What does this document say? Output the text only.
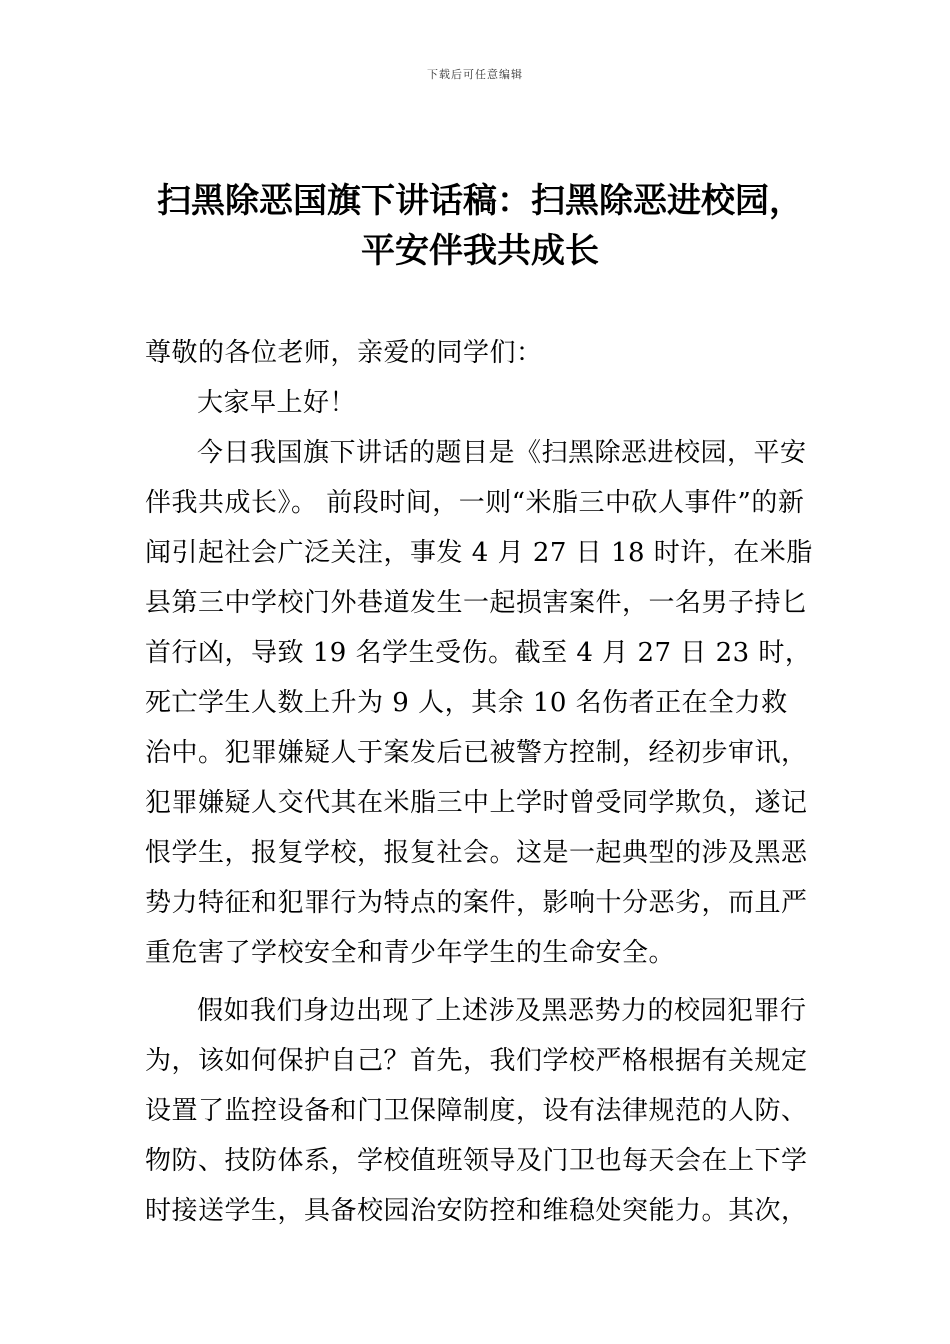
下载后可任意编辑
扫黑除恶国旗下讲话稿：扫黑除恶进校园，
平安伴我共成长

尊敬的各位老师，亲爱的同学们：

大家早上好！

今日我国旗下讲话的题目是《扫黑除恶进校园，平安伴我共成长》。 前段时间，一则“米脂三中砍人事件”的新闻引起社会广泛关注，事发 4 月 27 日 18 时许，在米脂县第三中学校门外巷道发生一起损害案件，一名男子持匕首行凶，导致 19 名学生受伤。截至 4 月 27 日 23 时，死亡学生人数上升为 9 人，其余 10 名伤者正在全力救治中。犯罪嫌疑人于案发后已被警方控制，经初步审讯，犯罪嫌疑人交代其在米脂三中上学时曾受同学欺负，遂记恨学生，报复学校，报复社会。这是一起典型的涉及黑恶势力特征和犯罪行为特点的案件，影响十分恶劣，而且严重危害了学校安全和青少年学生的生命安全。

假如我们身边出现了上述涉及黑恶势力的校园犯罪行为，该如何保护自己？首先，我们学校严格根据有关规定设置了监控设备和门卫保障制度，设有法律规范的人防、物防、技防体系，学校值班领导及门卫也每天会在上下学时接送学生，具备校园治安防控和维稳处突能力。其次，
